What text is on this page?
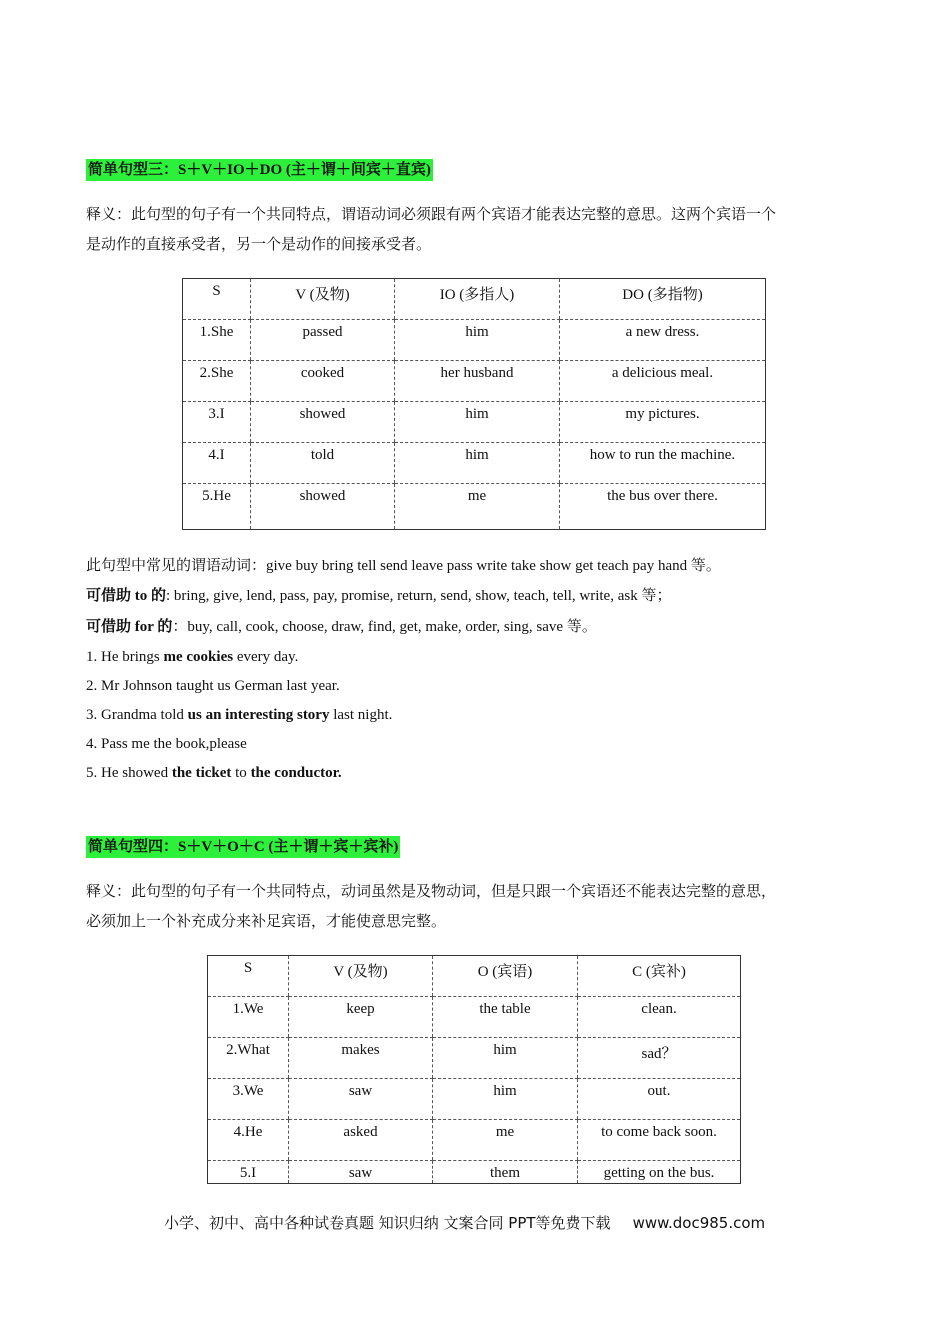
简单句型三：S＋V＋IO＋DO (主＋谓＋间宾＋直宾)
释义：此句型的句子有一个共同特点，谓语动词必须跟有两个宾语才能表达完整的意思。这两个宾语一个
是动作的直接承受者，另一个是动作的间接承受者。
S	V (及物)	IO (多指人)	DO (多指物)
1.She	passed	him	a new dress.
2.She	cooked	her husband	a delicious meal.
3.I	showed	him	my pictures.
4.I	told	him	how to run the machine.
5.He	showed	me	the bus over there.
此句型中常见的谓语动词：give buy bring tell send leave pass write take show get teach pay hand 等。
可借助 to 的: bring, give, lend, pass, pay, promise, return, send, show, teach, tell, write, ask 等；
可借助 for 的：buy, call, cook, choose, draw, find, get, make, order, sing, save 等。
1. He brings me cookies every day.
2. Mr Johnson taught us German last year.
3. Grandma told us an interesting story last night.
4. Pass me the book,please
5. He showed the ticket to the conductor.
简单句型四：S＋V＋O＋C (主＋谓＋宾＋宾补)
释义：此句型的句子有一个共同特点，动词虽然是及物动词，但是只跟一个宾语还不能表达完整的意思，
必须加上一个补充成分来补足宾语，才能使意思完整。
S	V (及物)	O (宾语)	C (宾补)
1.We	keep	the table	clean.
2.What	makes	him	sad？
3.We	saw	him	out.
4.He	asked	me	to come back soon.
5.I	saw	them	getting on the bus.
小学、初中、高中各种试卷真题 知识归纳 文案合同 PPT等免费下载 www.doc985.com
